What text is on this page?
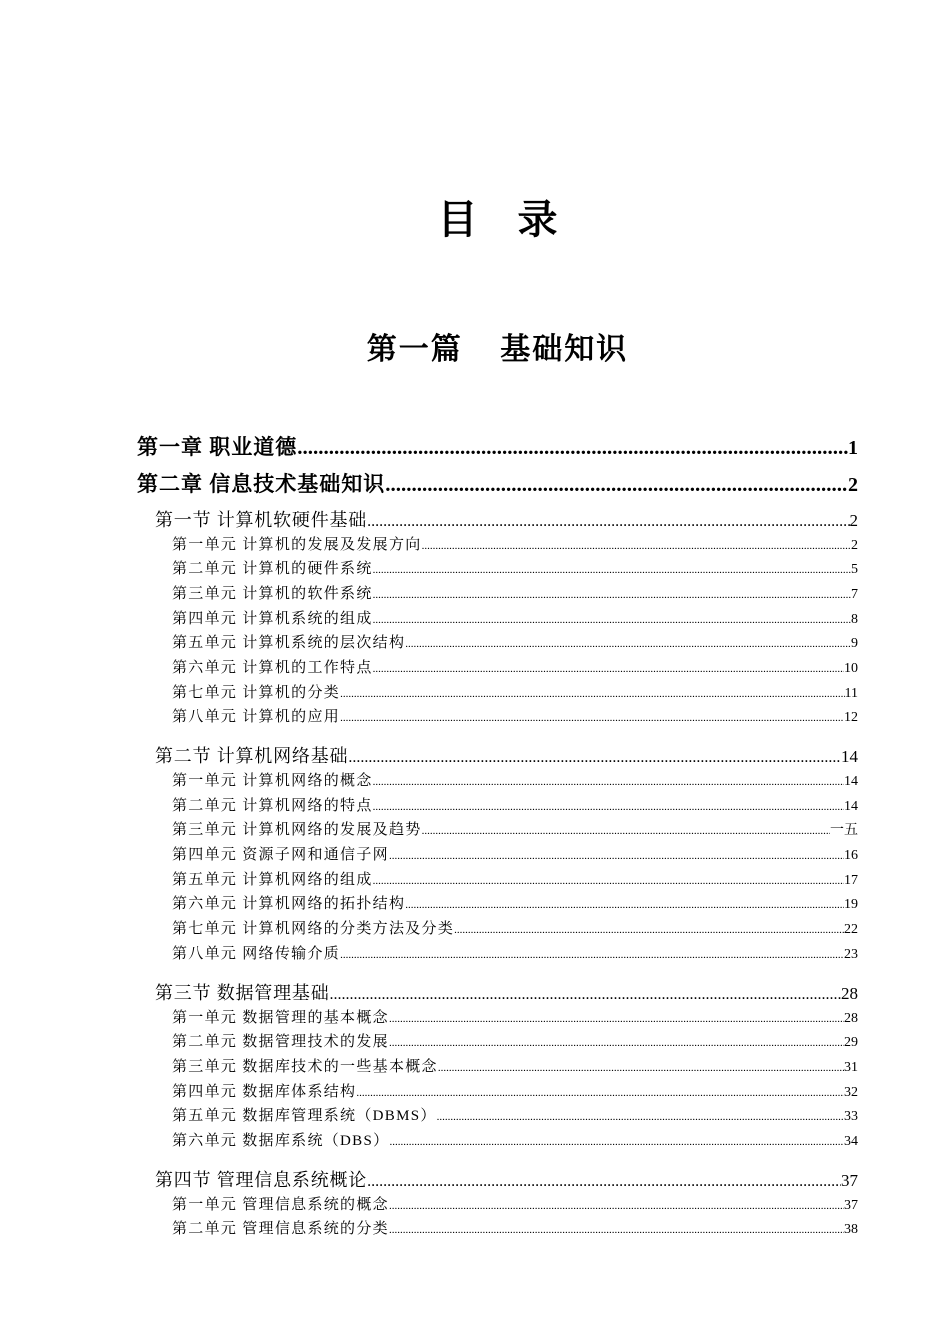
目 录
第一篇 基础知识
第一章 职业道德 .....	1
第二章 信息技术基础知识 .....	2
第一节 计算机软硬件基础 .....	2
第一单元 计算机的发展及发展方向 .....	2
第二单元 计算机的硬件系统 .....	5
第三单元 计算机的软件系统 .....	7
第四单元 计算机系统的组成 .....	8
第五单元 计算机系统的层次结构 .....	9
第六单元 计算机的工作特点 .....	10
第七单元 计算机的分类 .....	11
第八单元 计算机的应用 .....	12
第二节 计算机网络基础 .....	14
第一单元 计算机网络的概念 .....	14
第二单元 计算机网络的特点 .....	14
第三单元 计算机网络的发展及趋势 .....	一五
第四单元 资源子网和通信子网 .....	16
第五单元 计算机网络的组成 .....	17
第六单元 计算机网络的拓扑结构 .....	19
第七单元 计算机网络的分类方法及分类 .....	22
第八单元 网络传输介质 .....	23
第三节 数据管理基础 .....	28
第一单元 数据管理的基本概念 .....	28
第二单元 数据管理技术的发展 .....	29
第三单元 数据库技术的一些基本概念 .....	31
第四单元 数据库体系结构 .....	32
第五单元 数据库管理系统（DBMS） .....	33
第六单元 数据库系统（DBS） .....	34
第四节 管理信息系统概论 .....	37
第一单元 管理信息系统的概念 .....	37
第二单元 管理信息系统的分类 .....	38
